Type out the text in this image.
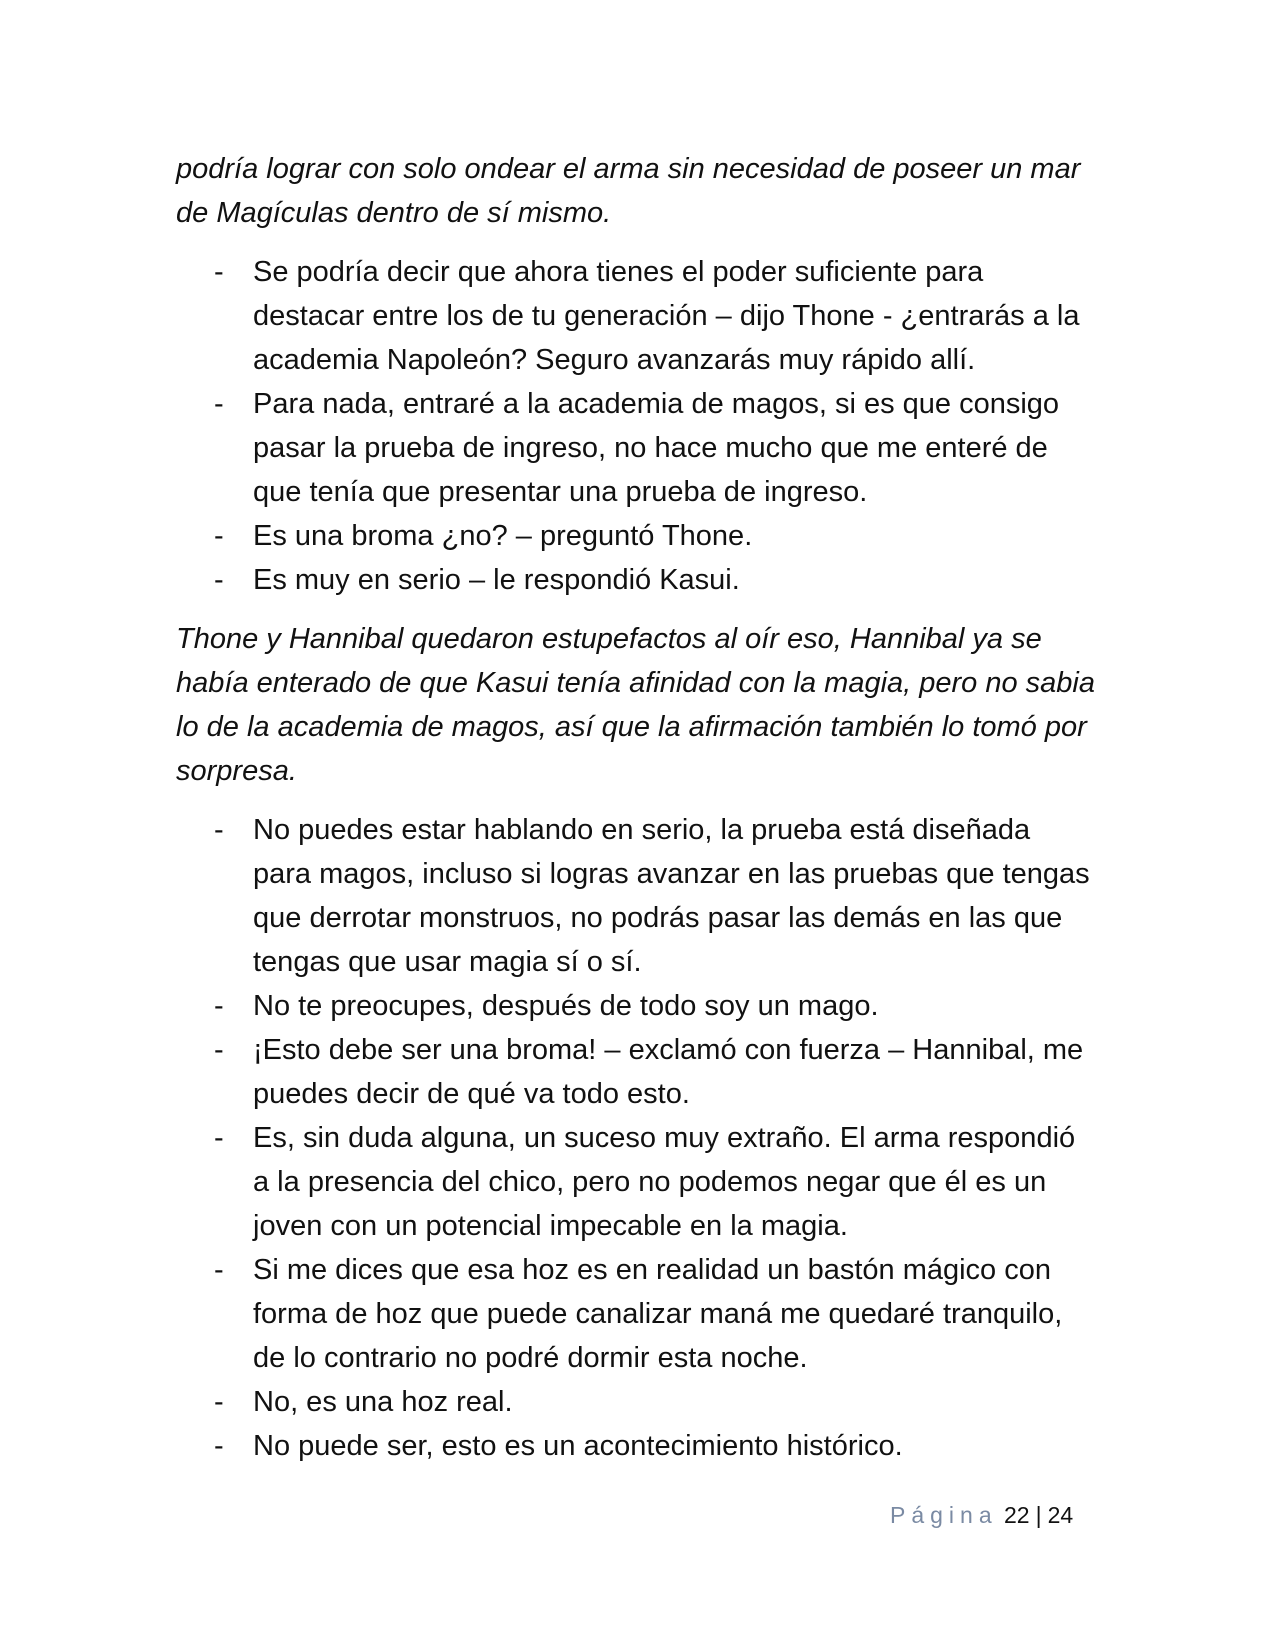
podría lograr con solo ondear el arma sin necesidad de poseer un mar de Magículas dentro de sí mismo.

- Se podría decir que ahora tienes el poder suficiente para destacar entre los de tu generación – dijo Thone - ¿entrarás a la academia Napoleón? Seguro avanzarás muy rápido allí.
- Para nada, entraré a la academia de magos, si es que consigo pasar la prueba de ingreso, no hace mucho que me enteré de que tenía que presentar una prueba de ingreso.
- Es una broma ¿no? – preguntó Thone.
- Es muy en serio – le respondió Kasui.

Thone y Hannibal quedaron estupefactos al oír eso, Hannibal ya se había enterado de que Kasui tenía afinidad con la magia, pero no sabia lo de la academia de magos, así que la afirmación también lo tomó por sorpresa.

- No puedes estar hablando en serio, la prueba está diseñada para magos, incluso si logras avanzar en las pruebas que tengas que derrotar monstruos, no podrás pasar las demás en las que tengas que usar magia sí o sí.
- No te preocupes, después de todo soy un mago.
- ¡Esto debe ser una broma! – exclamó con fuerza – Hannibal, me puedes decir de qué va todo esto.
- Es, sin duda alguna, un suceso muy extraño. El arma respondió a la presencia del chico, pero no podemos negar que él es un joven con un potencial impecable en la magia.
- Si me dices que esa hoz es en realidad un bastón mágico con forma de hoz que puede canalizar maná me quedaré tranquilo, de lo contrario no podré dormir esta noche.
- No, es una hoz real.
- No puede ser, esto es un acontecimiento histórico.
Página 22 | 24
